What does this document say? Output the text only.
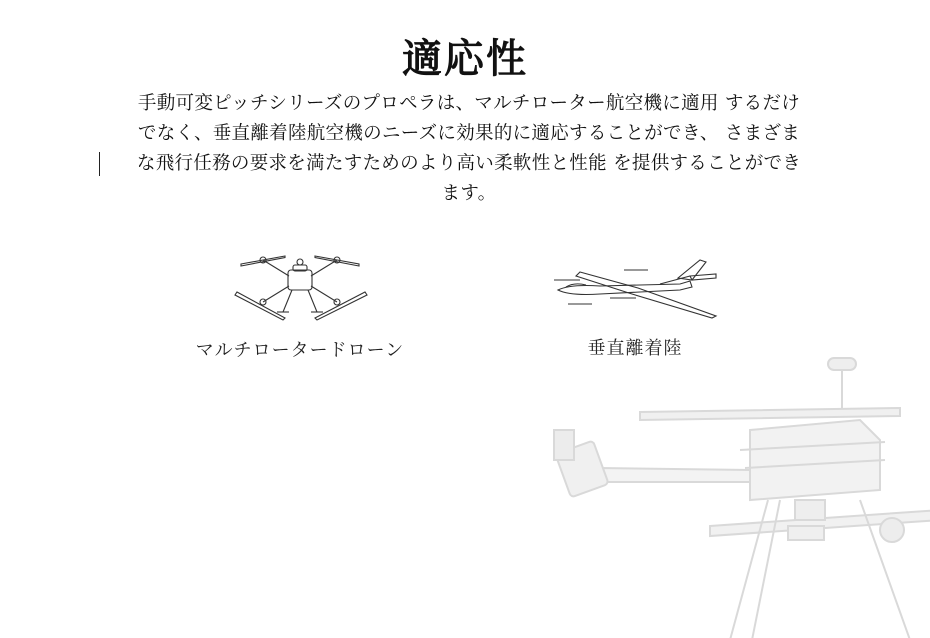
適応性
手動可変ピッチシリーズのプロペラは、マルチローター航空機に適用 するだけ
でなく、垂直離着陸航空機のニーズに効果的に適応することができ、 さまざま
な飛行任務の要求を満たすためのより高い柔軟性と性能 を提供することができ
ます。
マルチロータードローン	垂直離着陸
